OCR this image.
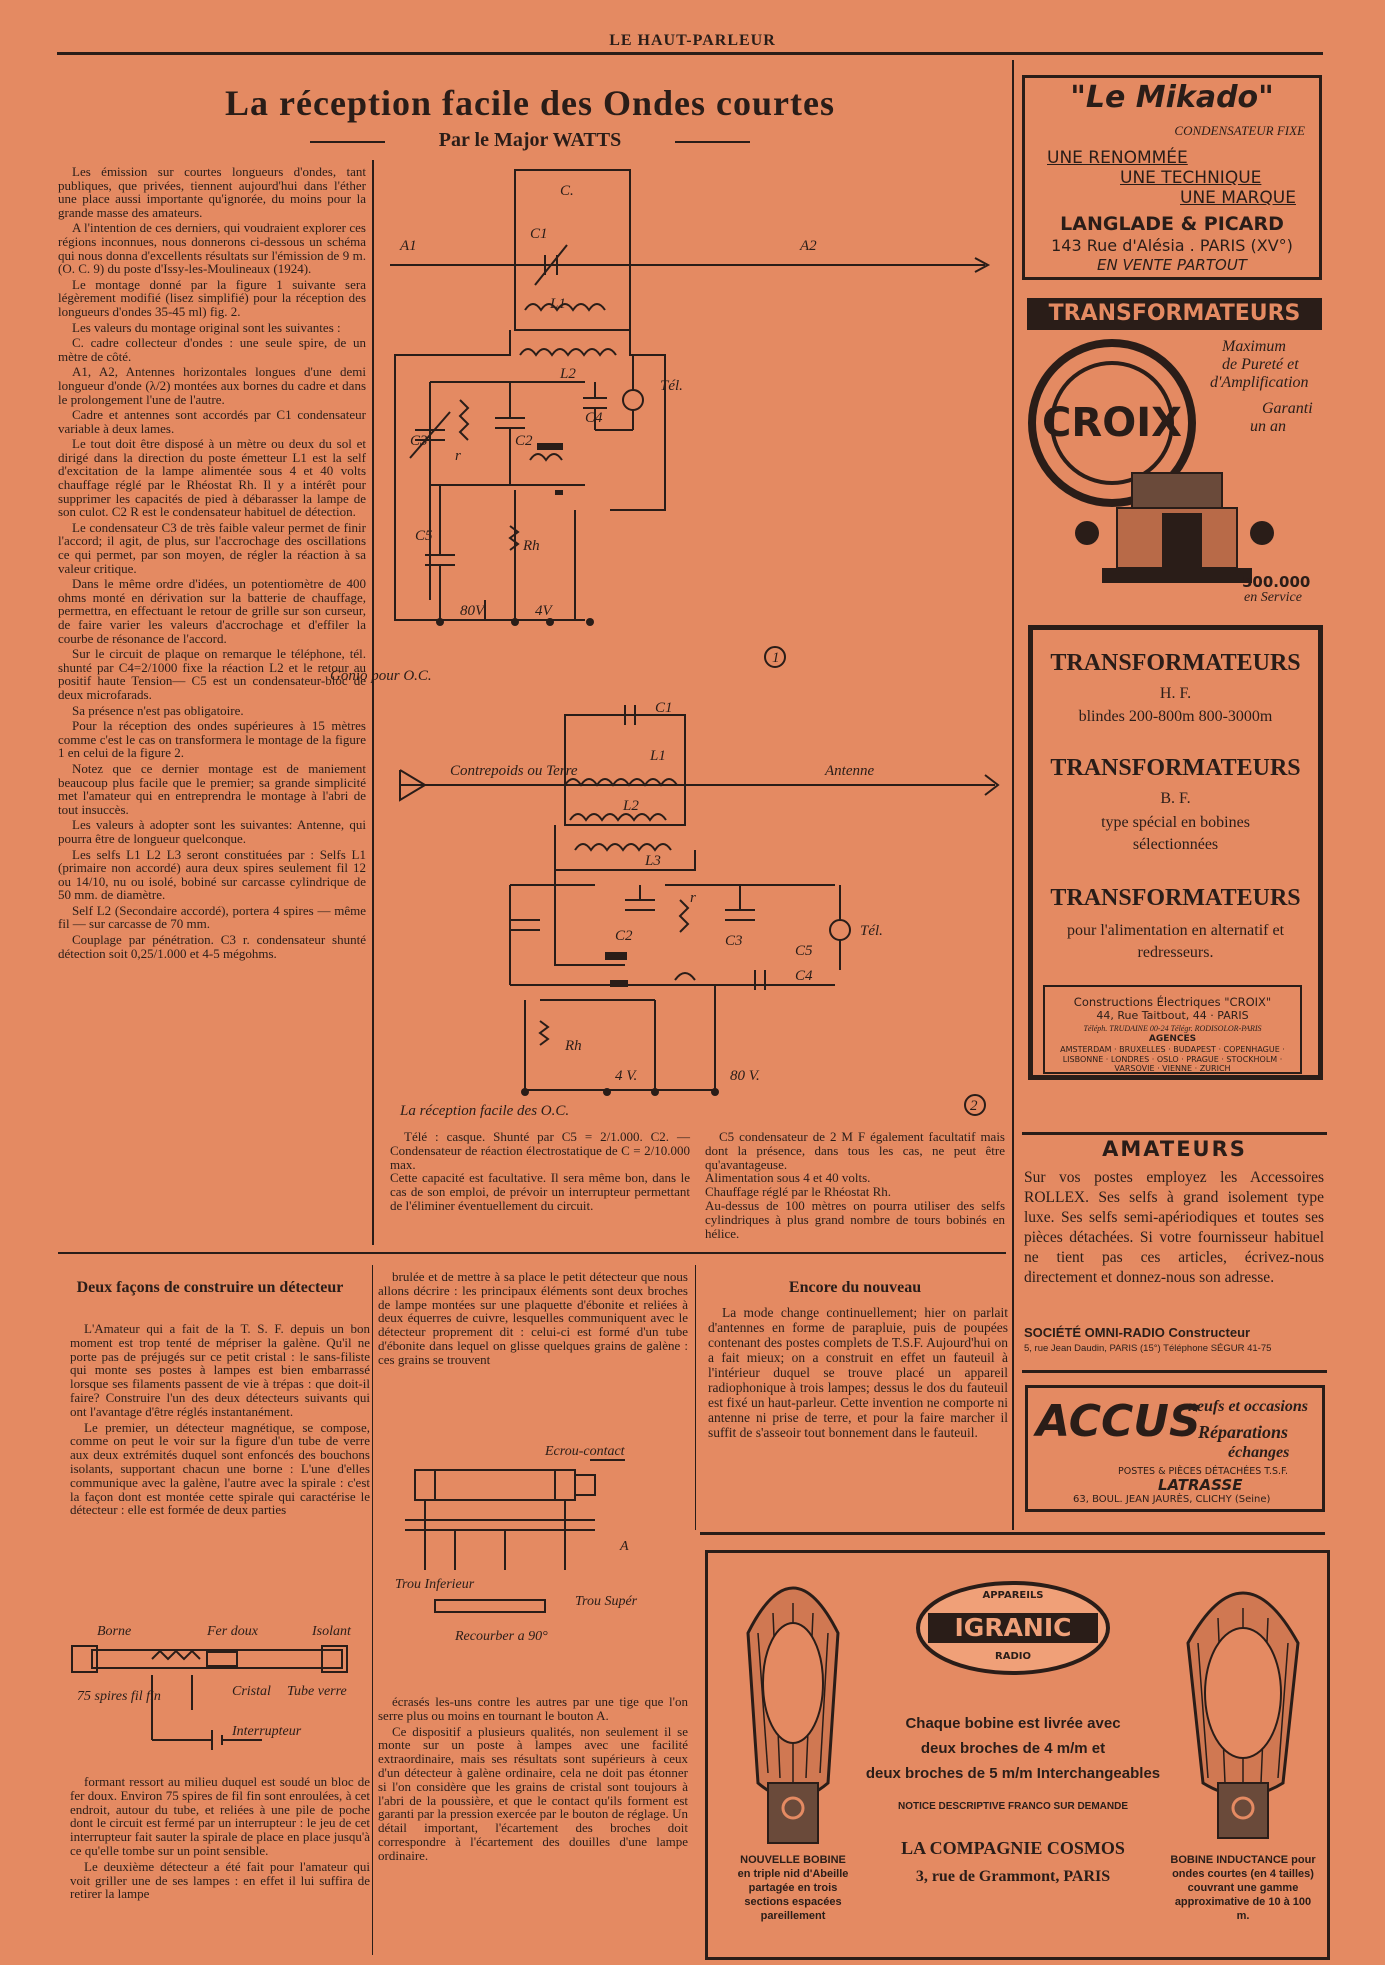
LE HAUT-PARLEUR
La réception facile des Ondes courtes
Par le Major WATTS

Les émission sur courtes longueurs d'ondes, tant publiques, que privées, tiennent aujourd'hui dans l'éther une place aussi importante qu'ignorée, du moins pour la grande masse des amateurs.

A l'intention de ces derniers, qui voudraient explorer ces régions inconnues, nous donnerons ci-dessous un schéma qui nous donna d'excellents résultats sur l'émission de 9 m. (O. C. 9) du poste d'Issy-les-Moulineaux (1924).

Le montage donné par la figure 1 suivante sera légèrement modifié (lisez simplifié) pour la réception des longueurs d'ondes 35-45 ml) fig. 2.

Les valeurs du montage original sont les suivantes :

C. cadre collecteur d'ondes : une seule spire, de un mètre de côté.

A1, A2, Antennes horizontales longues d'une demi longueur d'onde (λ/2) montées aux bornes du cadre et dans le prolongement l'une de l'autre.

Cadre et antennes sont accordés par C1 condensateur variable à deux lames.

Le tout doit être disposé à un mètre ou deux du sol et dirigé dans la direction du poste émetteur L1 est la self d'excitation de la lampe alimentée sous 4 et 40 volts chauffage réglé par le Rhéostat Rh. Il y a intérêt pour supprimer les capacités de pied à débarasser la lampe de son culot. C2 R est le condensateur habituel de détection.

Le condensateur C3 de très faible valeur permet de finir l'accord; il agit, de plus, sur l'accrochage des oscillations ce qui permet, par son moyen, de régler la réaction à sa valeur critique.

Dans le même ordre d'idées, un potentiomètre de 400 ohms monté en dérivation sur la batterie de chauffage, permettra, en effectuant le retour de grille sur son curseur, de faire varier les valeurs d'accrochage et d'effiler la courbe de résonance de l'accord.

Sur le circuit de plaque on remarque le téléphone, tél. shunté par C4=2/1000 fixe la réaction L2 et le retour au positif haute Tension— C5 est un condensateur-bloc de deux microfarads.

Sa présence n'est pas obligatoire.

Pour la réception des ondes supérieures à 15 mètres comme c'est le cas on transformera le montage de la figure 1 en celui de la figure 2.

Notez que ce dernier montage est de maniement beaucoup plus facile que le premier; sa grande simplicité met l'amateur qui en entreprendra le montage à l'abri de tout insuccès.

Les valeurs à adopter sont les suivantes: Antenne, qui pourra être de longueur quelconque.

Les selfs L1 L2 L3 seront constituées par : Selfs L1 (primaire non accordé) aura deux spires seulement fil 12 ou 14/10, nu ou isolé, bobiné sur carcasse cylindrique de 50 mm. de diamètre.

Self L2 (Secondaire accordé), portera 4 spires — même fil — sur carcasse de 70 mm.

Couplage par pénétration. C3 r. condensateur shunté détection soit 0,25/1.000 et 4-5 mégohms.

A1	A2
C.
C1
L1
L2
C3	C2
C4
Tél.
r
C5
Rh
80V	4V
Gonio pour O.C.
1
Contrepoids ou Terre	Antenne
C1
L1
L2
L3
C2	C3
r
C5
Tél.
C4
Rh
4 V.	80 V.
La réception facile des O.C.	2

Télé : casque. Shunté par C5 = 2/1.000. C2. — Condensateur de réaction électrostatique de C = 2/10.000 max.
Cette capacité est facultative. Il sera même bon, dans le cas de son emploi, de prévoir un interrupteur permettant de l'éliminer éventuellement du circuit.

C5 condensateur de 2 M F également facultatif mais dont la présence, dans tous les cas, ne peut être qu'avantageuse.
Alimentation sous 4 et 40 volts.
Chauffage réglé par le Rhéostat Rh.
Au-dessus de 100 mètres on pourra utiliser des selfs cylindriques à plus grand nombre de tours bobinés en hélice.

Deux façons de construire un détecteur

L'Amateur qui a fait de la T. S. F. depuis un bon moment est trop tenté de mépriser la galène. Qu'il ne porte pas de préjugés sur ce petit cristal : le sans-filiste qui monte ses postes à lampes est bien embarrassé lorsque ses filaments passent de vie à trépas : que doit-il faire? Construire l'un des deux détecteurs suivants qui ont l'avantage d'être réglés instantanément.

Le premier, un détecteur magnétique, se compose, comme on peut le voir sur la figure d'un tube de verre aux deux extrémités duquel sont enfoncés des bouchons isolants, supportant chacun une borne : L'une d'elles communique avec la galène, l'autre avec la spirale : c'est la façon dont est montée cette spirale qui caractérise le détecteur : elle est formée de deux parties

Borne	Fer doux	Isolant
75 spires fil fin	Cristal Tube verre
Interrupteur

formant ressort au milieu duquel est soudé un bloc de fer doux. Environ 75 spires de fil fin sont enroulées, à cet endroit, autour du tube, et reliées à une pile de poche dont le circuit est fermé par un interrupteur : le jeu de cet interrupteur fait sauter la spirale de place en place jusqu'à ce qu'elle tombe sur un point sensible.

Le deuxième détecteur a été fait pour l'amateur qui voit griller une de ses lampes : en effet il lui suffira de retirer la lampe

brulée et de mettre à sa place le petit détecteur que nous allons décrire : les principaux éléments sont deux broches de lampe montées sur une plaquette d'ébonite et reliées à deux équerres de cuivre, lesquelles communiquent avec le détecteur proprement dit : celui-ci est formé d'un tube d'ébonite dans lequel on glisse quelques grains de galène : ces grains se trouvent

Ecrou-contact
A
Trou Inferieur
Trou Supér
Recourber a 90°

écrasés les-uns contre les autres par une tige que l'on serre plus ou moins en tournant le bouton A.

Ce dispositif a plusieurs qualités, non seulement il se monte sur un poste à lampes avec une facilité extraordinaire, mais ses résultats sont supérieurs à ceux d'un détecteur à galène ordinaire, cela ne doit pas étonner si l'on considère que les grains de cristal sont toujours à l'abri de la poussière, et que le contact qu'ils forment est garanti par la pression exercée par le bouton de réglage. Un détail important, l'écartement des broches doit correspondre à l'écartement des douilles d'une lampe ordinaire.

Encore du nouveau

La mode change continuellement; hier on parlait d'antennes en forme de parapluie, puis de poupées contenant des postes complets de T.S.F. Aujourd'hui on a fait mieux; on a construit en effet un fauteuil à l'intérieur duquel se trouve placé un appareil radiophonique à trois lampes; dessus le dos du fauteuil est fixé un haut-parleur. Cette invention ne comporte ni antenne ni prise de terre, et pour la faire marcher il suffit de s'asseoir tout bonnement dans le fauteuil.

APPAREILS
IGRANIC
RADIO
Chaque bobine est livrée avec
deux broches de 4 m/m et
deux broches de 5 m/m Interchangeables
NOTICE DESCRIPTIVE FRANCO SUR DEMANDE
LA COMPAGNIE COSMOS
3, rue de Grammont, PARIS
NOUVELLE BOBINE en triple nid d'Abeille partagée en trois sections espacées pareillement
BOBINE INDUCTANCE pour ondes courtes (en 4 tailles) couvrant une gamme approximative de 10 à 100 m.
"Le Mikado"
CONDENSATEUR FIXE
UNE RENOMMÉE
UNE TECHNIQUE
UNE MARQUE
LANGLADE & PICARD
143 Rue d'Alésia . PARIS (XV°)
EN VENTE PARTOUT
TRANSFORMATEURS B.F.
CROIX
Maximum
de Pureté et
d'Amplification
Garanti
un an
500.000
en Service
TRANSFORMATEURS
H. F.
blindes 200-800m 800-3000m
TRANSFORMATEURS
B. F.
type spécial en bobines sélectionnées
TRANSFORMATEURS
pour l'alimentation en alternatif et redresseurs.
Constructions Électriques "CROIX"
44, Rue Taitbout, 44 · PARIS
Téléph. TRUDAINE 00-24 Télégr. RODISOLOR-PARIS
AGENCES
AMSTERDAM · BRUXELLES · BUDAPEST · COPENHAGUE · LISBONNE · LONDRES · OSLO · PRAGUE · STOCKHOLM · VARSOVIE · VIENNE · ZURICH
AMATEURS
Sur vos postes employez les Accessoires ROLLEX. Ses selfs à grand isolement type luxe. Ses selfs semi-apériodiques et toutes ses pièces détachées. Si votre fournisseur habituel ne tient pas ces articles, écrivez-nous directement et donnez-nous son adresse.
SOCIÉTÉ OMNI-RADIO Constructeur
5, rue Jean Daudin, PARIS (15°) Téléphone SÉGUR 41-75
ACCUS
neufs et occasions
Réparations
échanges
POSTES & PIÈCES DÉTACHÉES T.S.F.
LATRASSE
63, BOUL. JEAN JAURÈS, CLICHY (Seine)
